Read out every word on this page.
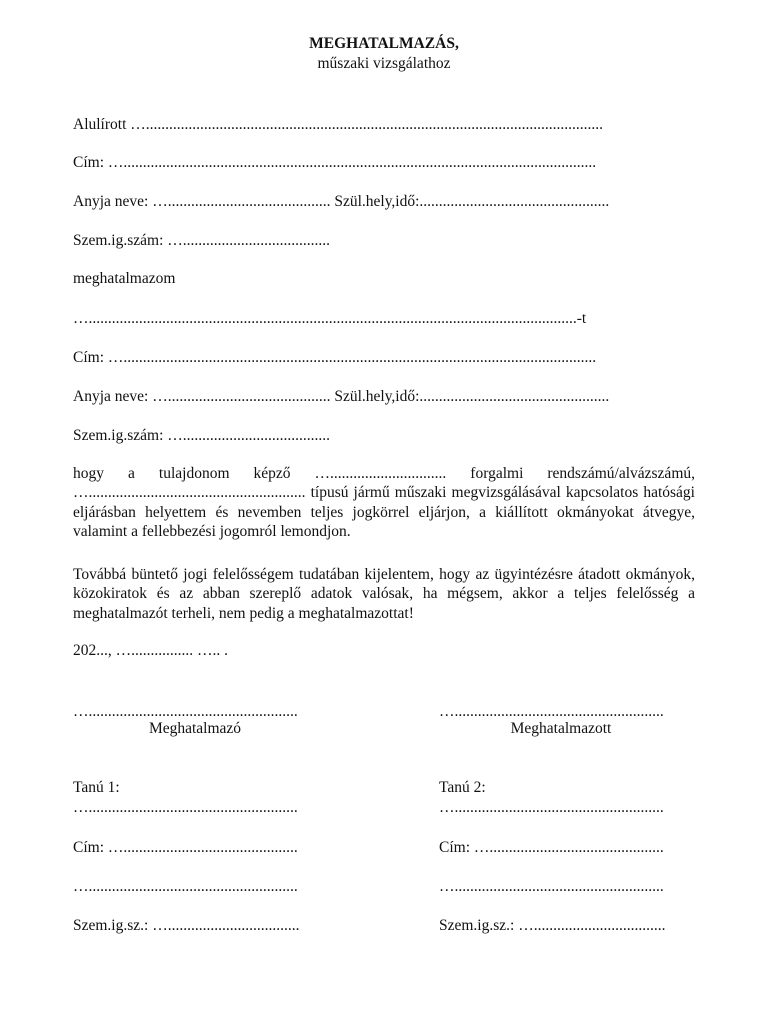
MEGHATALMAZÁS,
műszaki vizsgálathoz
Alulírott …......................................................................................................................
Cím: …..........................................................................................................................
Anyja neve: ….......................................... Szül.hely,idő:.................................................
Szem.ig.szám: …......................................
meghatalmazom
…..............................................................................................................................-t
Cím: …..........................................................................................................................
Anyja neve: ….......................................... Szül.hely,idő:.................................................
Szem.ig.szám: …......................................
hogy a tulajdonom képző ….............................. forgalmi rendszámú/alvázszámú, …........................................................ típusú jármű műszaki megvizsgálásával kapcsolatos hatósági eljárásban helyettem és nevemben teljes jogkörrel eljárjon, a kiállított okmányokat átvegye, valamint a fellebbezési jogomról lemondjon.
Továbbá büntető jogi felelősségem tudatában kijelentem, hogy az ügyintézésre átadott okmányok, közokiratok és az abban szereplő adatok valósak, ha mégsem, akkor a teljes felelősség a meghatalmazót terheli, nem pedig a meghatalmazottat!
202..., …................ ….. .
…......................................................
Meghatalmazó
…......................................................
Meghatalmazott
Tanú 1:
…......................................................
Cím: ….............................................
…......................................................
Szem.ig.sz.: …..................................
Tanú 2:
…......................................................
Cím: ….............................................
…......................................................
Szem.ig.sz.: …..................................
